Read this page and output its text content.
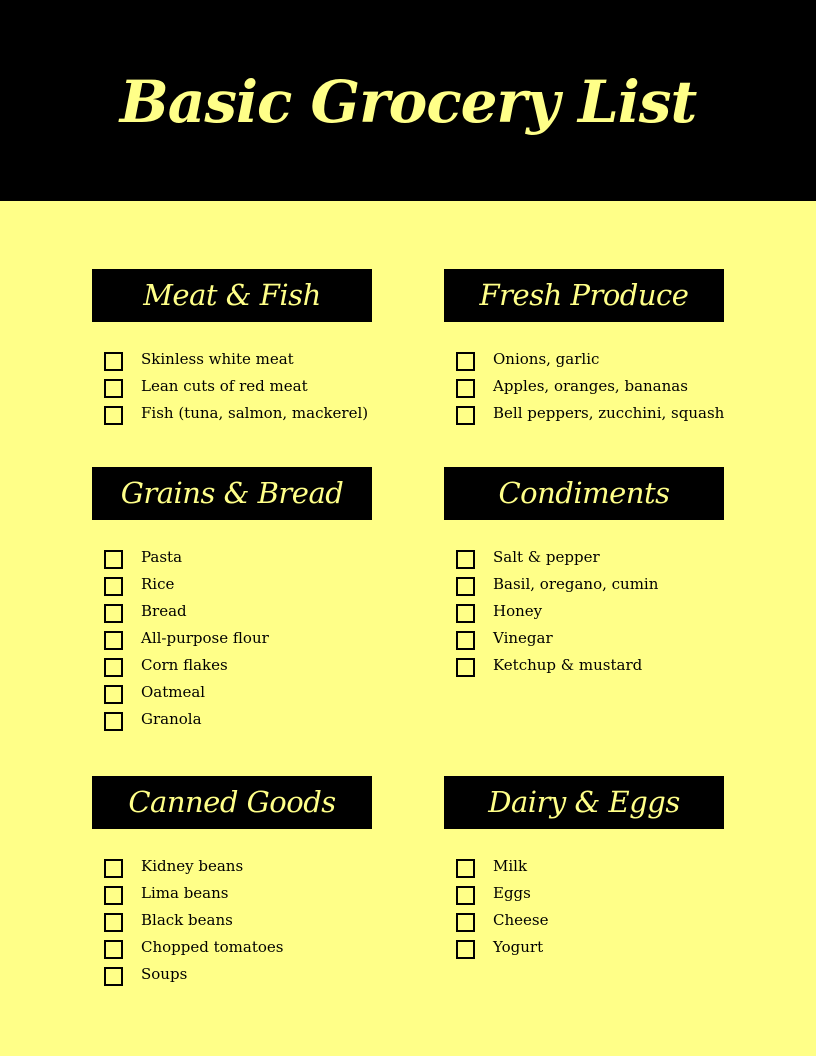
Basic Grocery List
Meat & Fish
Skinless white meat
Lean cuts of red meat
Fish (tuna, salmon, mackerel)
Fresh Produce
Onions, garlic
Apples, oranges, bananas
Bell peppers, zucchini, squash
Grains & Bread
Pasta
Rice
Bread
All-purpose flour
Corn flakes
Oatmeal
Granola
Condiments
Salt & pepper
Basil, oregano, cumin
Honey
Vinegar
Ketchup & mustard
Canned Goods
Kidney beans
Lima beans
Black beans
Chopped tomatoes
Soups
Dairy & Eggs
Milk
Eggs
Cheese
Yogurt
